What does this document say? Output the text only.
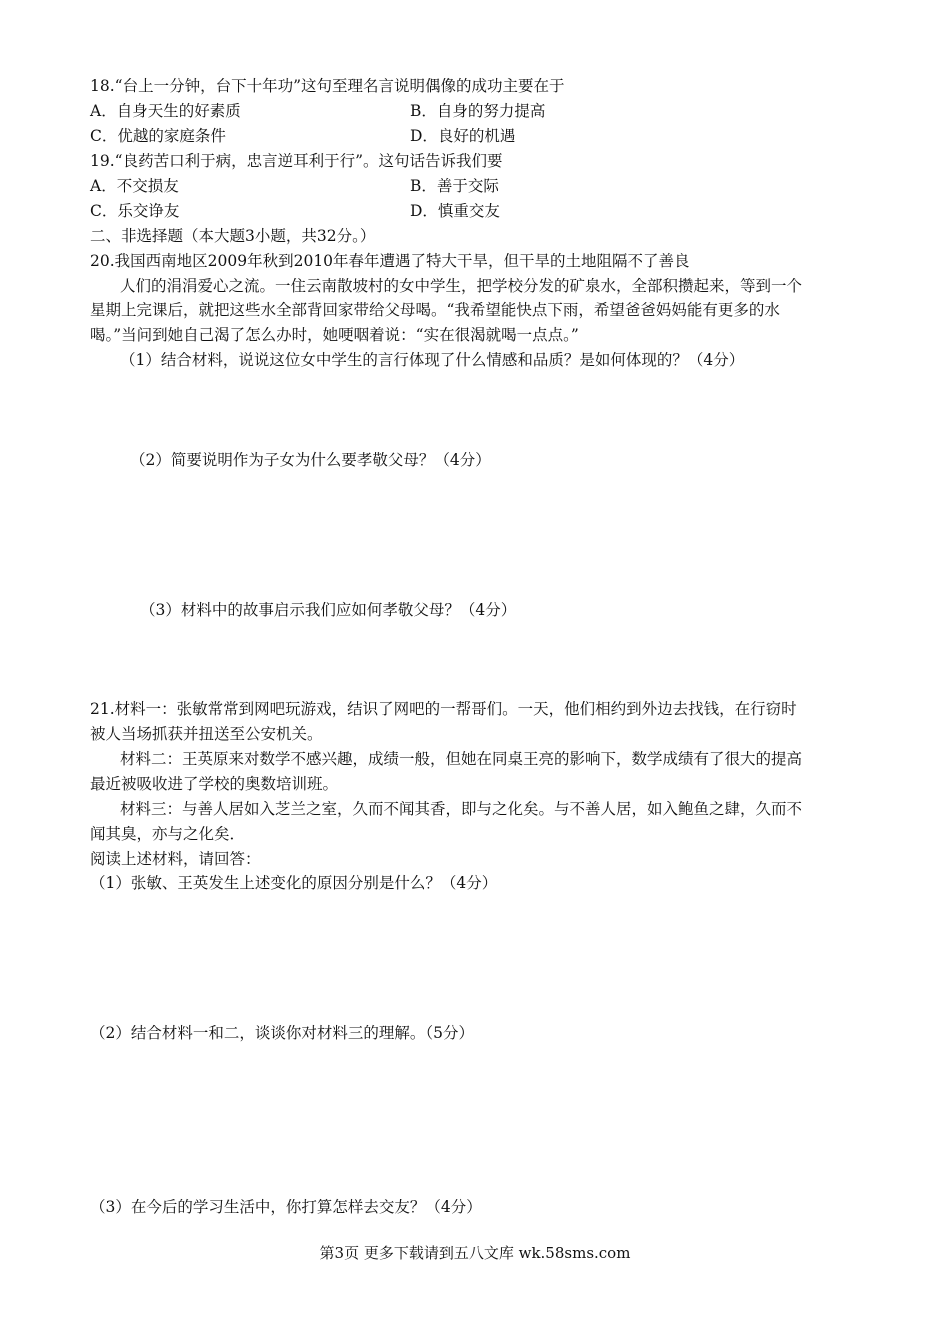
18.“台上一分钟，台下十年功”这句至理名言说明偶像的成功主要在于
A．自身天生的好素质	B．自身的努力提高
C．优越的家庭条件	D．良好的机遇
19.“良药苦口利于病，忠言逆耳利于行”。这句话告诉我们要
A．不交损友	B．善于交际
C．乐交诤友	D．慎重交友
二、非选择题（本大题3小题，共32分。）
20.我国西南地区2009年秋到2010年春年遭遇了特大干旱，但干旱的土地阻隔不了善良
人们的涓涓爱心之流。一住云南散坡村的女中学生，把学校分发的矿泉水，全部积攒起来，等到一个
星期上完课后，就把这些水全部背回家带给父母喝。“我希望能快点下雨，希望爸爸妈妈能有更多的水
喝。”当问到她自己渴了怎么办时，她哽咽着说：“实在很渴就喝一点点。”
（1）结合材料，说说这位女中学生的言行体现了什么情感和品质？是如何体现的？（4分）
（2）简要说明作为子女为什么要孝敬父母？（4分）
（3）材料中的故事启示我们应如何孝敬父母？（4分）
21.材料一：张敏常常到网吧玩游戏，结识了网吧的一帮哥们。一天，他们相约到外边去找钱，在行窃时
被人当场抓获并扭送至公安机关。
材料二：王英原来对数学不感兴趣，成绩一般，但她在同桌王亮的影响下，数学成绩有了很大的提高
最近被吸收进了学校的奥数培训班。
材料三：与善人居如入芝兰之室，久而不闻其香，即与之化矣。与不善人居，如入鲍鱼之肆，久而不
闻其臭，亦与之化矣．
阅读上述材料，请回答：
（1）张敏、王英发生上述变化的原因分别是什么？（4分）
（2）结合材料一和二，谈谈你对材料三的理解。（5分）
（3）在今后的学习生活中，你打算怎样去交友？（4分）
第3页 更多下载请到五八文库 wk.58sms.com
